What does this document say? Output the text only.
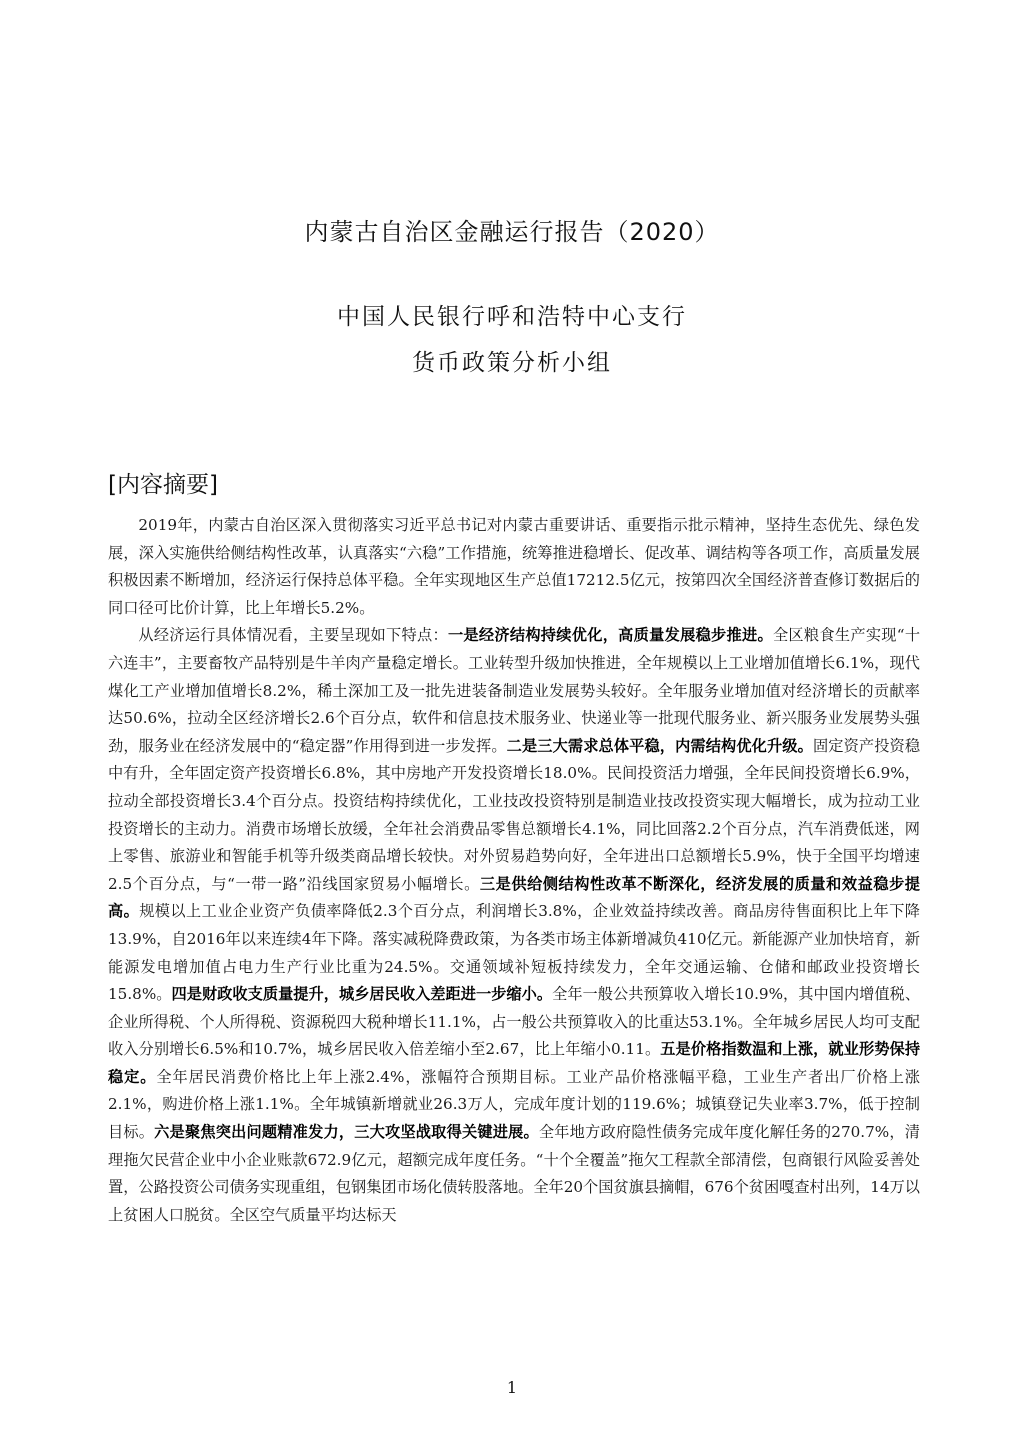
内蒙古自治区金融运行报告（2020）
中国人民银行呼和浩特中心支行
货币政策分析小组
[内容摘要]

2019年，内蒙古自治区深入贯彻落实习近平总书记对内蒙古重要讲话、重要指示批示精神，坚持生态优先、绿色发展，深入实施供给侧结构性改革，认真落实“六稳”工作措施，统筹推进稳增长、促改革、调结构等各项工作，高质量发展积极因素不断增加，经济运行保持总体平稳。全年实现地区生产总值17212.5亿元，按第四次全国经济普查修订数据后的同口径可比价计算，比上年增长5.2%。

从经济运行具体情况看，主要呈现如下特点：一是经济结构持续优化，高质量发展稳步推进。全区粮食生产实现“十六连丰”，主要畜牧产品特别是牛羊肉产量稳定增长。工业转型升级加快推进，全年规模以上工业增加值增长6.1%，现代煤化工产业增加值增长8.2%，稀土深加工及一批先进装备制造业发展势头较好。全年服务业增加值对经济增长的贡献率达50.6%，拉动全区经济增长2.6个百分点，软件和信息技术服务业、快递业等一批现代服务业、新兴服务业发展势头强劲，服务业在经济发展中的“稳定器”作用得到进一步发挥。二是三大需求总体平稳，内需结构优化升级。固定资产投资稳中有升，全年固定资产投资增长6.8%，其中房地产开发投资增长18.0%。民间投资活力增强，全年民间投资增长6.9%，拉动全部投资增长3.4个百分点。投资结构持续优化，工业技改投资特别是制造业技改投资实现大幅增长，成为拉动工业投资增长的主动力。消费市场增长放缓，全年社会消费品零售总额增长4.1%，同比回落2.2个百分点，汽车消费低迷，网上零售、旅游业和智能手机等升级类商品增长较快。对外贸易趋势向好，全年进出口总额增长5.9%，快于全国平均增速2.5个百分点，与“一带一路”沿线国家贸易小幅增长。三是供给侧结构性改革不断深化，经济发展的质量和效益稳步提高。规模以上工业企业资产负债率降低2.3个百分点，利润增长3.8%，企业效益持续改善。商品房待售面积比上年下降13.9%，自2016年以来连续4年下降。落实减税降费政策，为各类市场主体新增减负410亿元。新能源产业加快培育，新能源发电增加值占电力生产行业比重为24.5%。交通领域补短板持续发力，全年交通运输、仓储和邮政业投资增长15.8%。四是财政收支质量提升，城乡居民收入差距进一步缩小。全年一般公共预算收入增长10.9%，其中国内增值税、企业所得税、个人所得税、资源税四大税种增长11.1%，占一般公共预算收入的比重达53.1%。全年城乡居民人均可支配收入分别增长6.5%和10.7%，城乡居民收入倍差缩小至2.67，比上年缩小0.11。五是价格指数温和上涨，就业形势保持稳定。全年居民消费价格比上年上涨2.4%，涨幅符合预期目标。工业产品价格涨幅平稳，工业生产者出厂价格上涨2.1%，购进价格上涨1.1%。全年城镇新增就业26.3万人，完成年度计划的119.6%；城镇登记失业率3.7%，低于控制目标。六是聚焦突出问题精准发力，三大攻坚战取得关键进展。全年地方政府隐性债务完成年度化解任务的270.7%，清理拖欠民营企业中小企业账款672.9亿元，超额完成年度任务。“十个全覆盖”拖欠工程款全部清偿，包商银行风险妥善处置，公路投资公司债务实现重组，包钢集团市场化债转股落地。全年20个国贫旗县摘帽，676个贫困嘎查村出列，14万以上贫困人口脱贫。全区空气质量平均达标天

1
